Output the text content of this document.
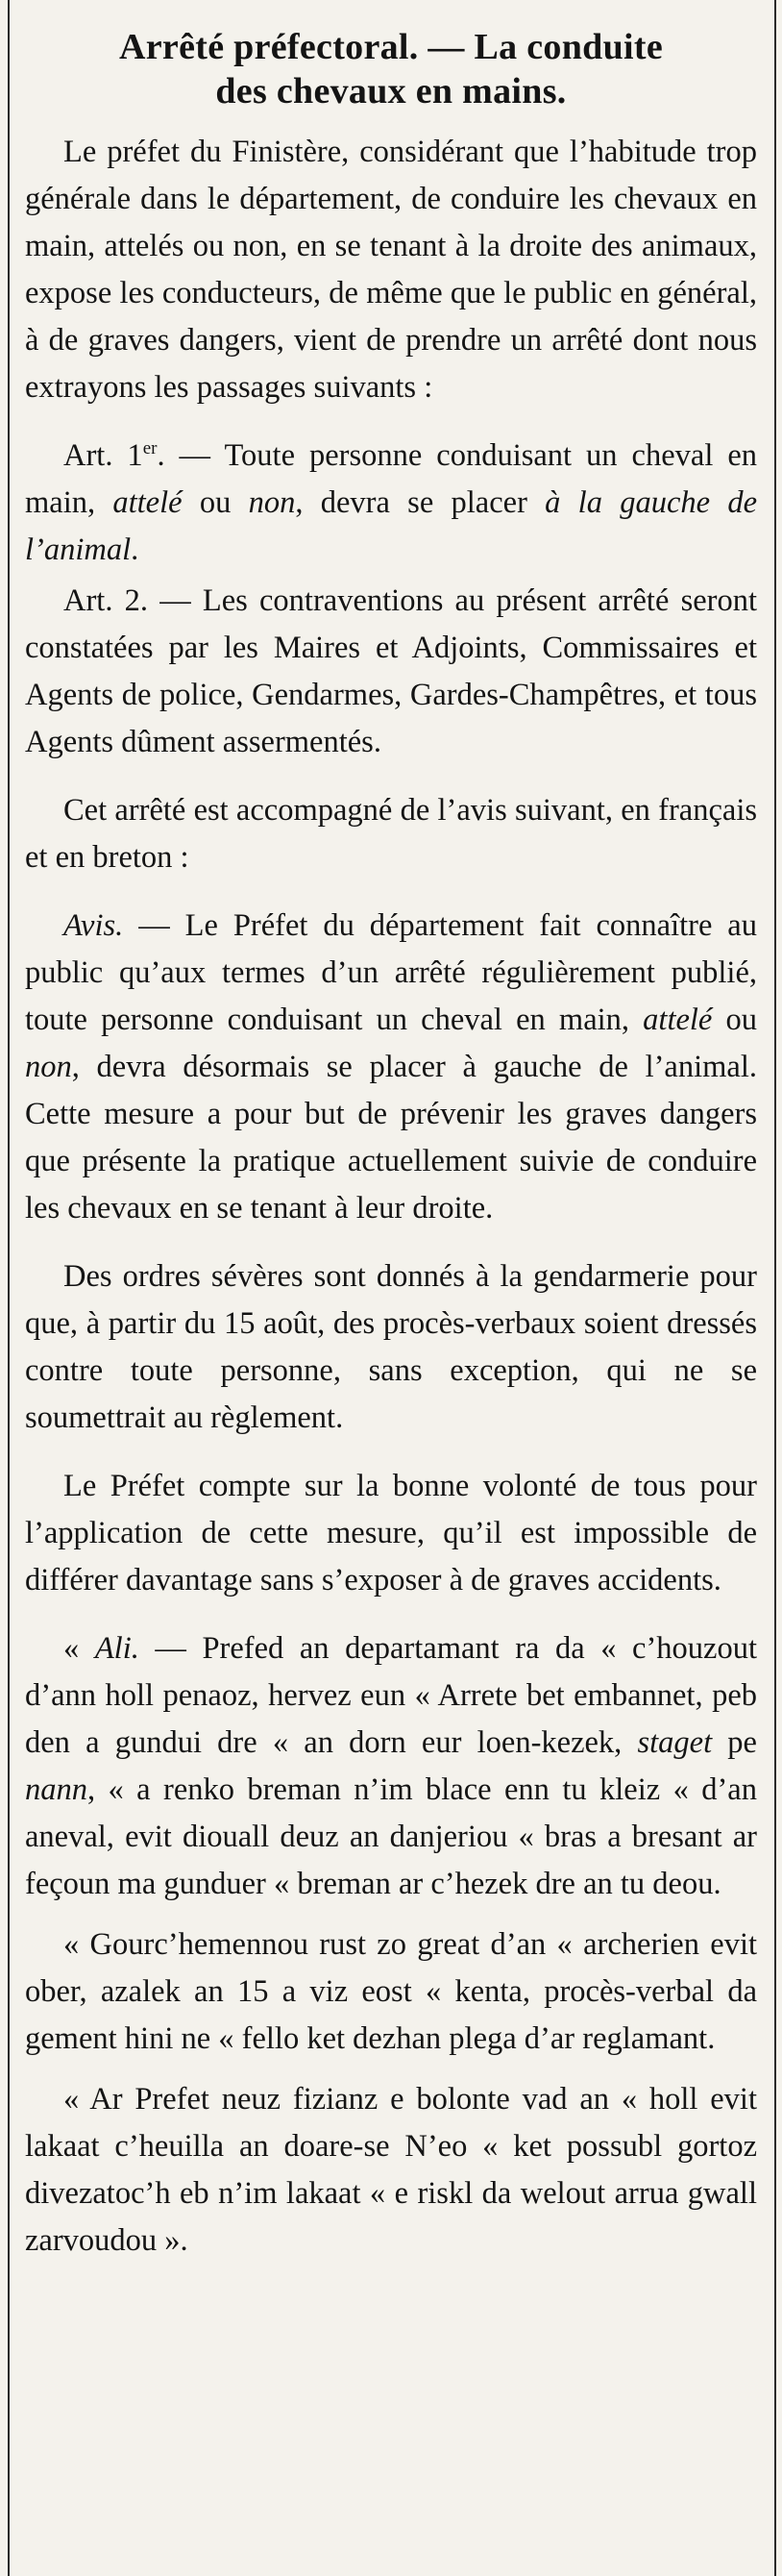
Arrêté préfectoral. — La conduite
des chevaux en mains.

Le préfet du Finistère, considérant que l’habitude trop générale dans le département, de conduire les chevaux en main, attelés ou non, en se tenant à la droite des animaux, expose les conducteurs, de même que le public en général, à de graves dangers, vient de prendre un arrêté dont nous extrayons les passages suivants :

Art. 1er. — Toute personne conduisant un cheval en main, attelé ou non, devra se placer à la gauche de l’animal.

Art. 2. — Les contraventions au présent arrêté seront constatées par les Maires et Adjoints, Commissaires et Agents de police, Gendarmes, Gardes-Champêtres, et tous Agents dûment assermentés.

Cet arrêté est accompagné de l’avis suivant, en français et en breton :

Avis. — Le Préfet du département fait connaître au public qu’aux termes d’un arrêté régulièrement publié, toute personne conduisant un cheval en main, attelé ou non, devra désormais se placer à gauche de l’animal. Cette mesure a pour but de prévenir les graves dangers que présente la pratique actuellement suivie de conduire les chevaux en se tenant à leur droite.

Des ordres sévères sont donnés à la gendarmerie pour que, à partir du 15 août, des procès-verbaux soient dressés contre toute personne, sans exception, qui ne se soumettrait au règlement.

Le Préfet compte sur la bonne volonté de tous pour l’application de cette mesure, qu’il est impossible de différer davantage sans s’exposer à de graves accidents.

« Ali. — Prefed an departamant ra da « c’houzout d’ann holl penaoz, hervez eun « Arrete bet embannet, peb den a gundui dre « an dorn eur loen-kezek, staget pe nann, « a renko breman n’im blace enn tu kleiz « d’an aneval, evit diouall deuz an danjeriou « bras a bresant ar feçoun ma gunduer « breman ar c’hezek dre an tu deou.

« Gourc’hemennou rust zo great d’an « archerien evit ober, azalek an 15 a viz eost « kenta, procès-verbal da gement hini ne « fello ket dezhan plega d’ar reglamant.

« Ar Prefet neuz fizianz e bolonte vad an « holl evit lakaat c’heuilla an doare-se N’eo « ket possubl gortoz divezatoc’h eb n’im lakaat « e riskl da welout arrua gwall zarvoudou ».
